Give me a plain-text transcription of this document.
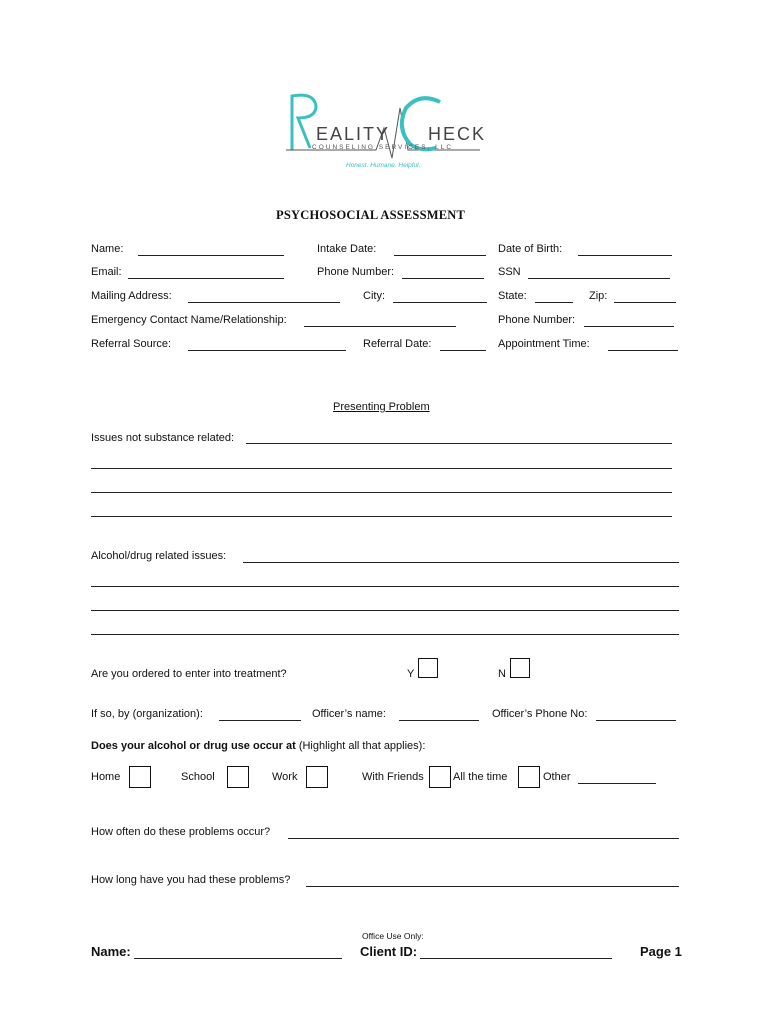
EALITY HECK
COUNSELING SERVICES, LLC
Honest. Humane. Helpful.
PSYCHOSOCIAL ASSESSMENT
Name:	Intake Date:	Date of Birth:
Email:	Phone Number:	SSN
Mailing Address:	City:	State:	Zip:
Emergency Contact Name/Relationship:	Phone Number:
Referral Source:	Referral Date:	Appointment Time:
Presenting Problem
Issues not substance related:
Alcohol/drug related issues:
Are you ordered to enter into treatment?	Y	N
If so, by (organization):	Officer’s name:	Officer’s Phone No:
Does your alcohol or drug use occur at (Highlight all that applies):
Home	School	Work	With Friends	All the time	Other
How often do these problems occur?
How long have you had these problems?
Office Use Only:
Name:	Client ID:	Page 1
